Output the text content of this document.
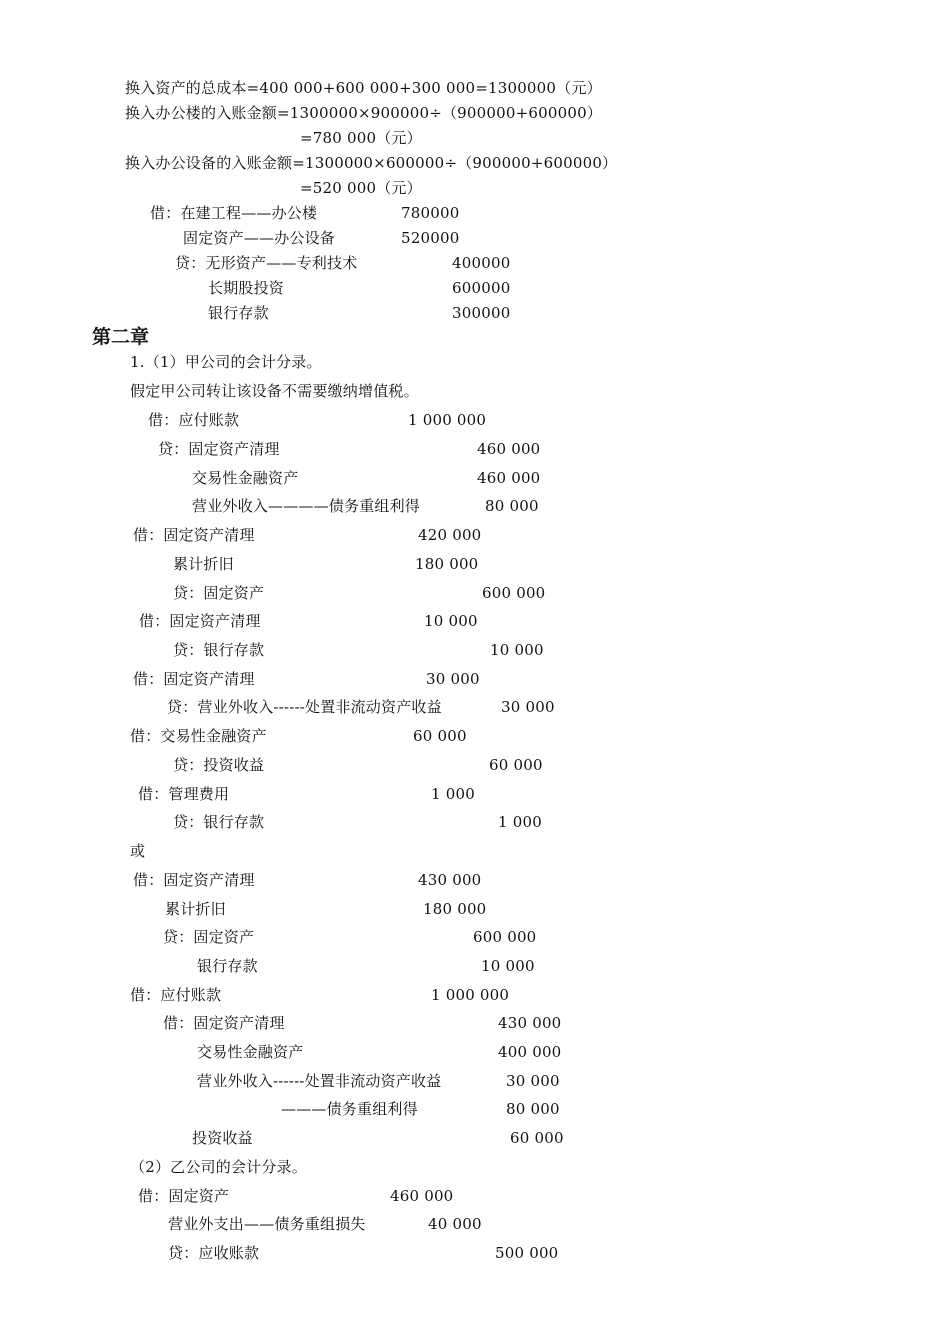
换入资产的总成本=400 000+600 000+300 000=1300000（元）
换入办公楼的入账金额=1300000×900000÷（900000+600000）
=780 000（元）
换入办公设备的入账金额=1300000×600000÷（900000+600000）
=520 000（元）
借：在建工程——办公楼	780000
固定资产——办公设备	520000
贷：无形资产——专利技术	400000
长期股投资	600000
银行存款	300000
第二章
1.（1）甲公司的会计分录。
假定甲公司转让该设备不需要缴纳增值税。
借：应付账款	1 000 000
贷：固定资产清理	460 000
交易性金融资产	460 000
营业外收入————债务重组利得	80 000
借：固定资产清理	420 000
累计折旧	180 000
贷：固定资产	600 000
借：固定资产清理	10 000
贷：银行存款	10 000
借：固定资产清理	30 000
贷：营业外收入------处置非流动资产收益	30 000
借：交易性金融资产	60 000
贷：投资收益	60 000
借：管理费用	1 000
贷：银行存款	1 000
或
借：固定资产清理	430 000
累计折旧	180 000
贷：固定资产	600 000
银行存款	10 000
借：应付账款	1 000 000
借：固定资产清理	430 000
交易性金融资产	400 000
营业外收入------处置非流动资产收益	30 000
———债务重组利得	80 000
投资收益	60 000
（2）乙公司的会计分录。
借：固定资产	460 000
营业外支出——债务重组损失	40 000
贷：应收账款	500 000
